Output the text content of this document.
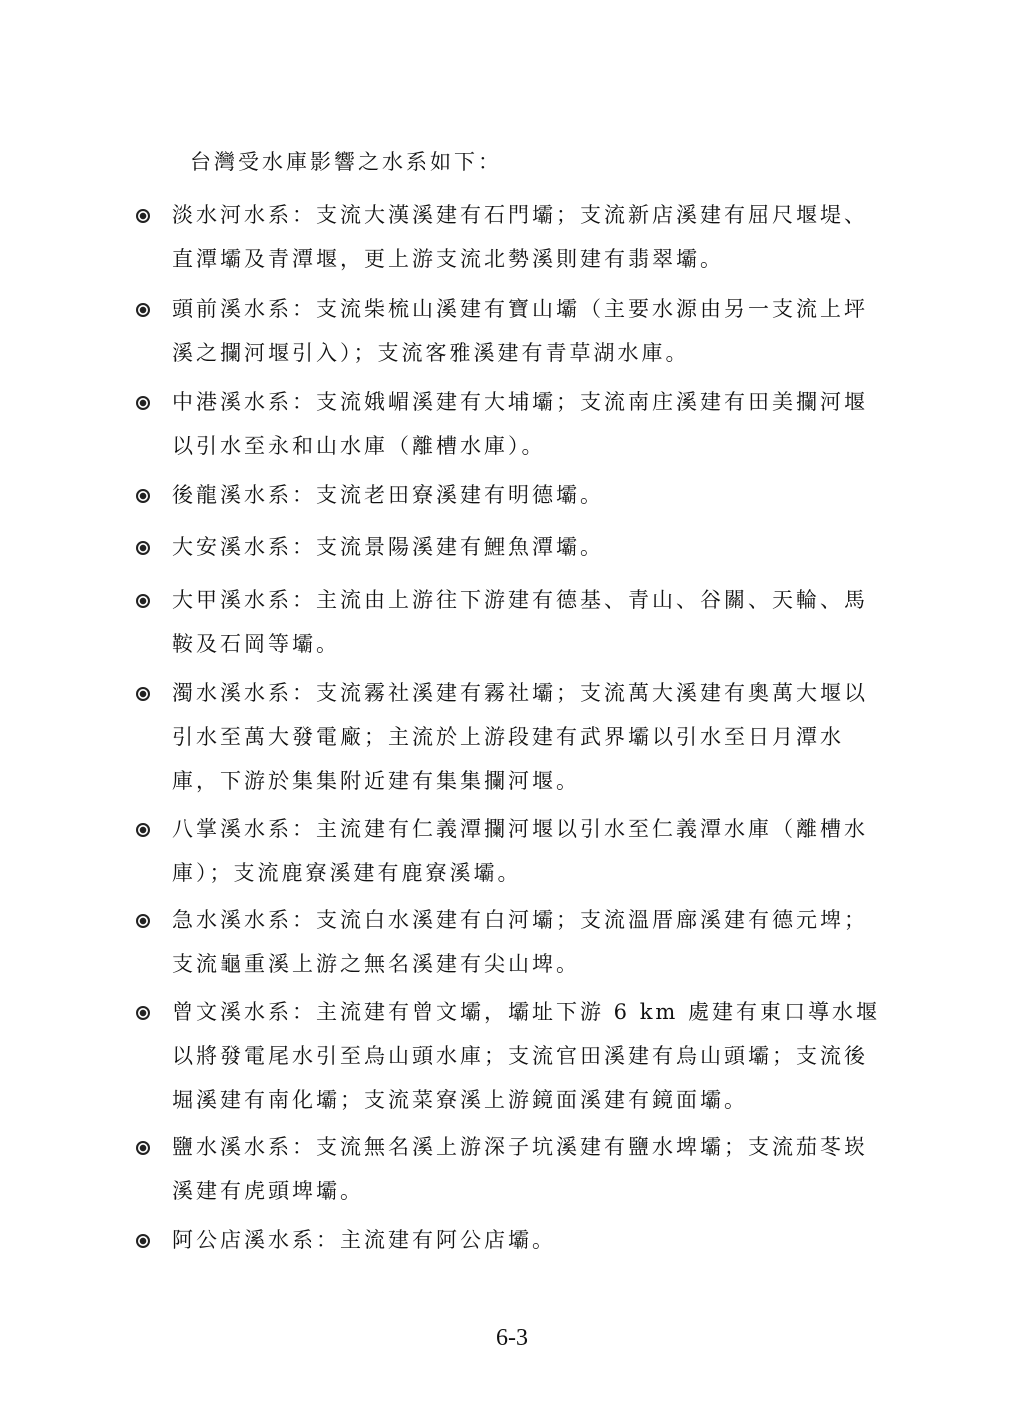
台灣受水庫影響之水系如下：
淡水河水系：支流大漢溪建有石門壩；支流新店溪建有屈尺堰堤、
直潭壩及青潭堰，更上游支流北勢溪則建有翡翠壩。
頭前溪水系：支流柴梳山溪建有寶山壩（主要水源由另一支流上坪
溪之攔河堰引入）；支流客雅溪建有青草湖水庫。
中港溪水系：支流娥嵋溪建有大埔壩；支流南庄溪建有田美攔河堰
以引水至永和山水庫（離槽水庫）。
後龍溪水系：支流老田寮溪建有明德壩。
大安溪水系：支流景陽溪建有鯉魚潭壩。
大甲溪水系：主流由上游往下游建有德基、青山、谷關、天輪、馬
鞍及石岡等壩。
濁水溪水系：支流霧社溪建有霧社壩；支流萬大溪建有奧萬大堰以
引水至萬大發電廠；主流於上游段建有武界壩以引水至日月潭水
庫，下游於集集附近建有集集攔河堰。
八掌溪水系：主流建有仁義潭攔河堰以引水至仁義潭水庫（離槽水
庫）；支流鹿寮溪建有鹿寮溪壩。
急水溪水系：支流白水溪建有白河壩；支流溫厝廍溪建有德元埤；
支流龜重溪上游之無名溪建有尖山埤。
曾文溪水系：主流建有曾文壩，壩址下游 6 km 處建有東口導水堰
以將發電尾水引至烏山頭水庫；支流官田溪建有烏山頭壩；支流後
堀溪建有南化壩；支流菜寮溪上游鏡面溪建有鏡面壩。
鹽水溪水系：支流無名溪上游深子坑溪建有鹽水埤壩；支流茄苳崁
溪建有虎頭埤壩。
阿公店溪水系：主流建有阿公店壩。
6-3
